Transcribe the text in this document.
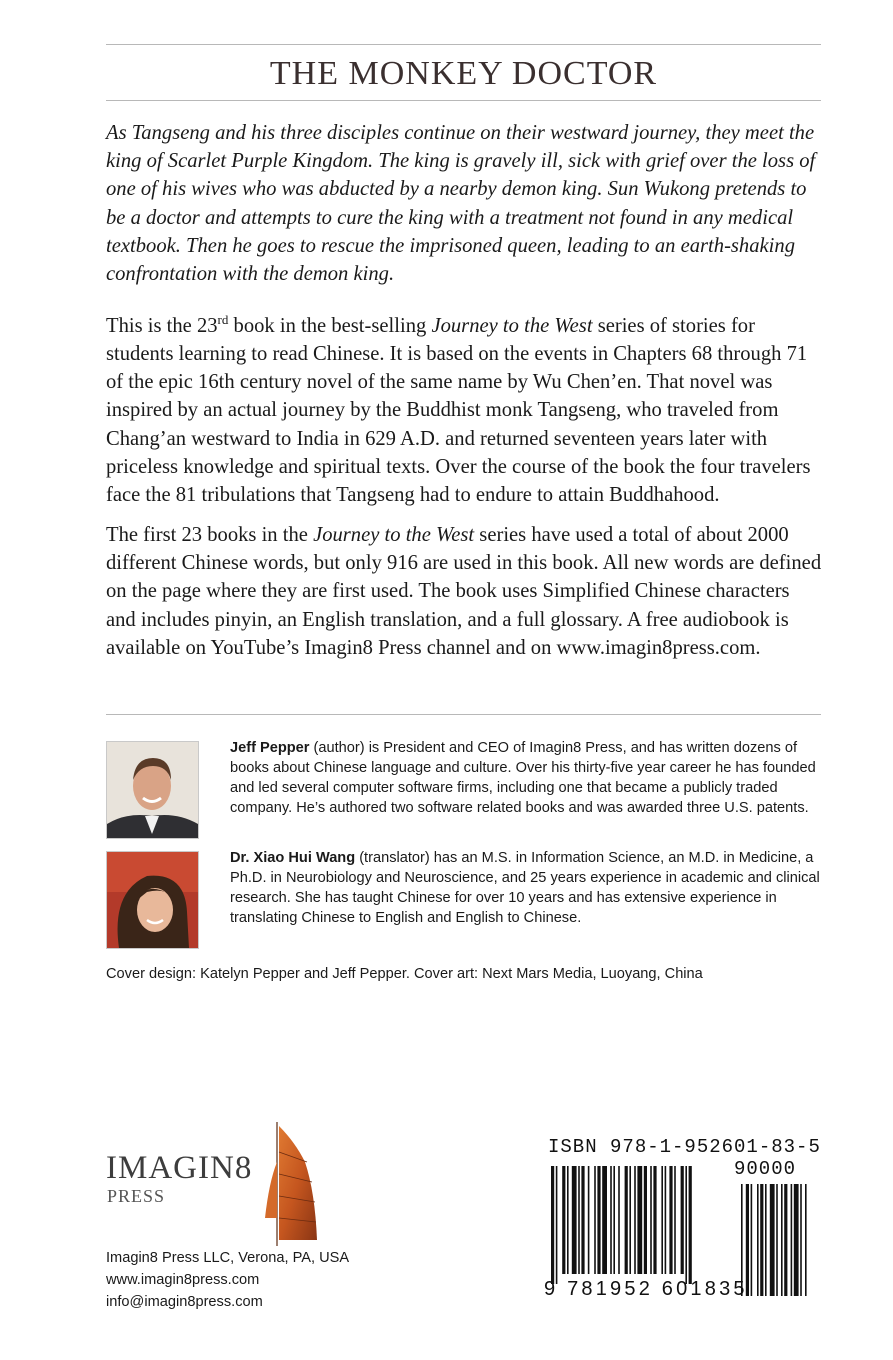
THE MONKEY DOCTOR

As Tangseng and his three disciples continue on their westward journey, they meet the king of Scarlet Purple Kingdom. The king is gravely ill, sick with grief over the loss of one of his wives who was abducted by a nearby demon king. Sun Wukong pretends to be a doctor and attempts to cure the king with a treatment not found in any medical textbook. Then he goes to rescue the imprisoned queen, leading to an earth-shaking confrontation with the demon king.

This is the 23rd book in the best-selling Journey to the West series of stories for students learning to read Chinese. It is based on the events in Chapters 68 through 71 of the epic 16th century novel of the same name by Wu Chen’en. That novel was inspired by an actual journey by the Buddhist monk Tangseng, who traveled from Chang’an westward to India in 629 A.D. and returned seventeen years later with priceless knowledge and spiritual texts. Over the course of the book the four travelers face the 81 tribulations that Tangseng had to endure to attain Buddhahood.

The first 23 books in the Journey to the West series have used a total of about 2000 different Chinese words, but only 916 are used in this book. All new words are defined on the page where they are first used. The book uses Simplified Chinese characters and includes pinyin, an English translation, and a full glossary. A free audiobook is available on YouTube’s Imagin8 Press channel and on www.imagin8press.com.

Jeff Pepper (author) is President and CEO of Imagin8 Press, and has written dozens of books about Chinese language and culture. Over his thirty-five year career he has founded and led several computer software firms, including one that became a publicly traded company. He’s authored two software related books and was awarded three U.S. patents.

Dr. Xiao Hui Wang (translator) has an M.S. in Information Science, an M.D. in Medicine, a Ph.D. in Neurobiology and Neuroscience, and 25 years experience in academic and clinical research. She has taught Chinese for over 10 years and has extensive experience in translating Chinese to English and English to Chinese.

Cover design: Katelyn Pepper and Jeff Pepper. Cover art: Next Mars Media, Luoyang, China
IMAGIN8
PRESS
Imagin8 Press LLC, Verona, PA, USA
www.imagin8press.com
info@imagin8press.com
ISBN 978-1-952601-83-5
90000
9 781952 601835
